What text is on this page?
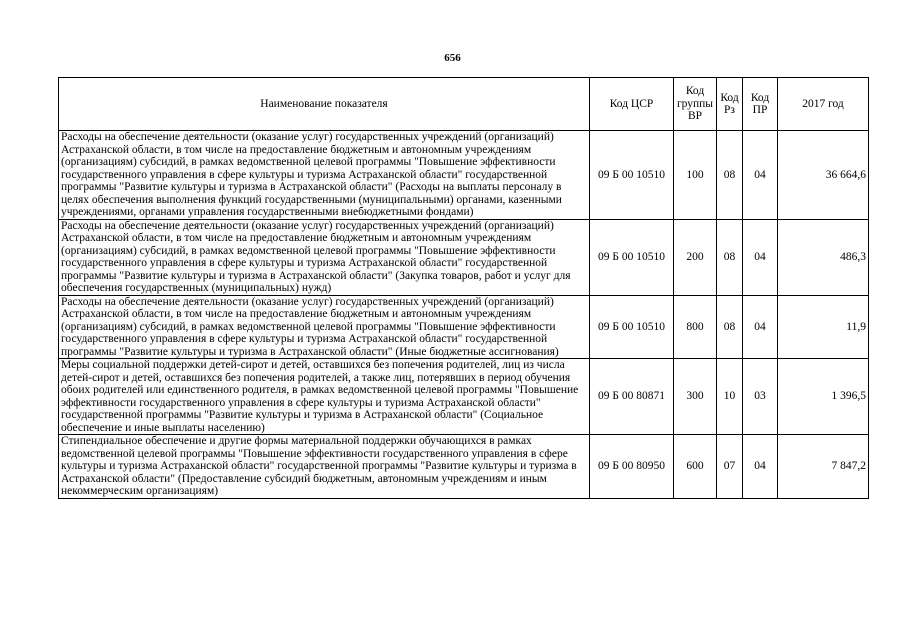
656
Наименование показателя	Код ЦСР	Код группы ВР	Код Рз	Код ПР	2017 год
Расходы на обеспечение деятельности (оказание услуг) государственных учреждений (организаций) Астраханской области, в том числе на предоставление бюджетным и автономным учреждениям (организациям) субсидий, в рамках ведомственной целевой программы "Повышение эффективности государственного управления в сфере культуры и туризма Астраханской области" государственной программы "Развитие культуры и туризма в Астраханской области" (Расходы на выплаты персоналу в целях обеспечения выполнения функций государственными (муниципальными) органами, казенными учреждениями, органами управления государственными внебюджетными фондами)	09 Б 00 10510	100	08	04	36 664,6
Расходы на обеспечение деятельности (оказание услуг) государственных учреждений (организаций) Астраханской области, в том числе на предоставление бюджетным и автономным учреждениям (организациям) субсидий, в рамках ведомственной целевой программы "Повышение эффективности государственного управления в сфере культуры и туризма Астраханской области" государственной программы "Развитие культуры и туризма в Астраханской области" (Закупка товаров, работ и услуг для обеспечения государственных (муниципальных) нужд)	09 Б 00 10510	200	08	04	486,3
Расходы на обеспечение деятельности (оказание услуг) государственных учреждений (организаций) Астраханской области, в том числе на предоставление бюджетным и автономным учреждениям (организациям) субсидий, в рамках ведомственной целевой программы "Повышение эффективности государственного управления в сфере культуры и туризма Астраханской области" государственной программы "Развитие культуры и туризма в Астраханской области" (Иные бюджетные ассигнования)	09 Б 00 10510	800	08	04	11,9
Меры социальной поддержки детей-сирот и детей, оставшихся без попечения родителей, лиц из числа детей-сирот и детей, оставшихся без попечения родителей, а также лиц, потерявших в период обучения обоих родителей или единственного родителя, в рамках ведомственной целевой программы "Повышение эффективности государственного управления в сфере культуры и туризма Астраханской области" государственной программы "Развитие культуры и туризма в Астраханской области" (Социальное обеспечение и иные выплаты населению)	09 Б 00 80871	300	10	03	1 396,5
Стипендиальное обеспечение и другие формы материальной поддержки обучающихся в рамках ведомственной целевой программы "Повышение эффективности государственного управления в сфере культуры и туризма Астраханской области" государственной программы "Развитие культуры и туризма в Астраханской области" (Предоставление субсидий бюджетным, автономным учреждениям и иным некоммерческим организациям)	09 Б 00 80950	600	07	04	7 847,2
